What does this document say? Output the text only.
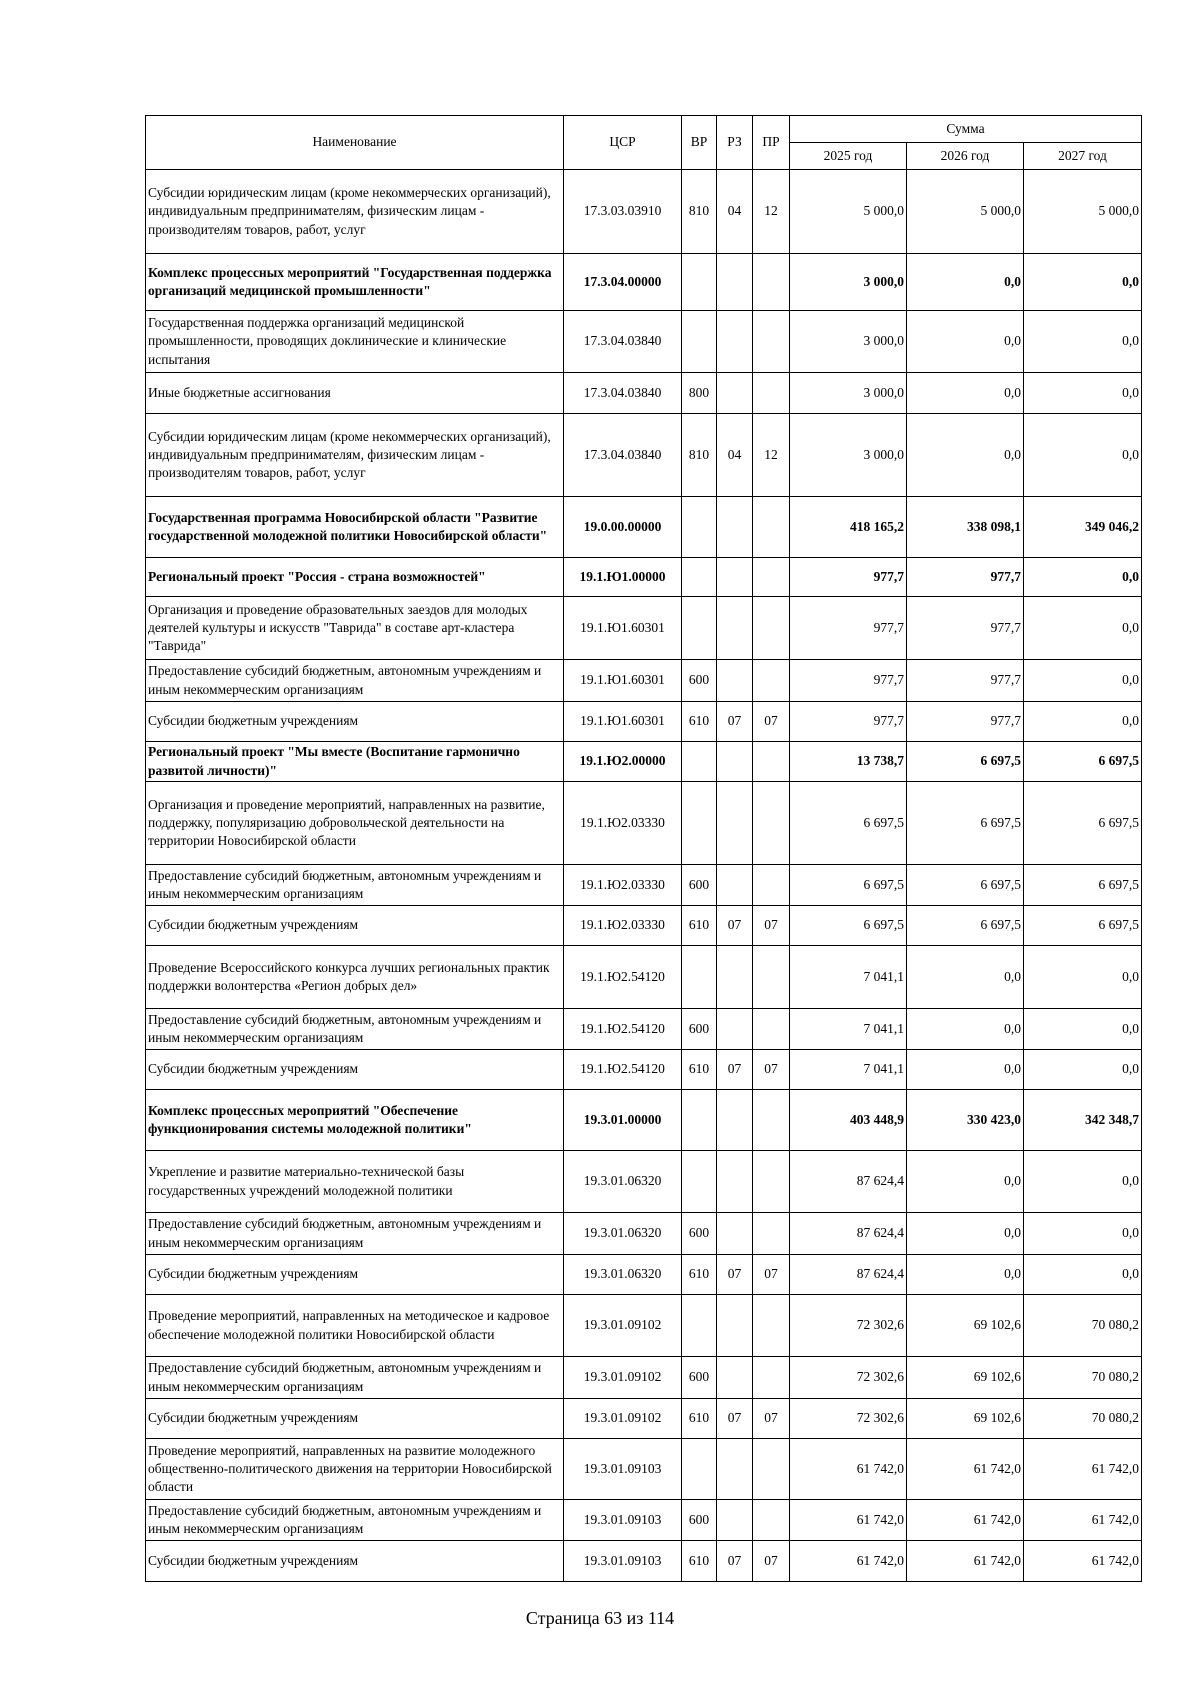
Наименование	ЦСР	ВР	РЗ	ПР	Сумма		
					2025 год	2026 год	2027 год
Субсидии юридическим лицам (кроме некоммерческих организаций), индивидуальным предпринимателям, физическим лицам - производителям товаров, работ, услуг	17.3.03.03910	810	04	12	5 000,0	5 000,0	5 000,0
Комплекс процессных мероприятий "Государственная поддержка организаций медицинской промышленности"	17.3.04.00000				3 000,0	0,0	0,0
Государственная поддержка организаций медицинской промышленности, проводящих доклинические и клинические испытания	17.3.04.03840				3 000,0	0,0	0,0
Иные бюджетные ассигнования	17.3.04.03840	800			3 000,0	0,0	0,0
Субсидии юридическим лицам (кроме некоммерческих организаций), индивидуальным предпринимателям, физическим лицам - производителям товаров, работ, услуг	17.3.04.03840	810	04	12	3 000,0	0,0	0,0
Государственная программа Новосибирской области "Развитие государственной молодежной политики Новосибирской области"	19.0.00.00000				418 165,2	338 098,1	349 046,2
Региональный проект "Россия - страна возможностей"	19.1.Ю1.00000				977,7	977,7	0,0
Организация и проведение образовательных заездов для молодых деятелей культуры и искусств "Таврида" в составе арт-кластера "Таврида"	19.1.Ю1.60301				977,7	977,7	0,0
Предоставление субсидий бюджетным, автономным учреждениям и иным некоммерческим организациям	19.1.Ю1.60301	600			977,7	977,7	0,0
Субсидии бюджетным учреждениям	19.1.Ю1.60301	610	07	07	977,7	977,7	0,0
Региональный проект "Мы вместе (Воспитание гармонично развитой личности)"	19.1.Ю2.00000				13 738,7	6 697,5	6 697,5
Организация и проведение мероприятий, направленных на развитие, поддержку, популяризацию добровольческой деятельности на территории Новосибирской области	19.1.Ю2.03330				6 697,5	6 697,5	6 697,5
Предоставление субсидий бюджетным, автономным учреждениям и иным некоммерческим организациям	19.1.Ю2.03330	600			6 697,5	6 697,5	6 697,5
Субсидии бюджетным учреждениям	19.1.Ю2.03330	610	07	07	6 697,5	6 697,5	6 697,5
Проведение Всероссийского конкурса лучших региональных практик поддержки волонтерства «Регион добрых дел»	19.1.Ю2.54120				7 041,1	0,0	0,0
Предоставление субсидий бюджетным, автономным учреждениям и иным некоммерческим организациям	19.1.Ю2.54120	600			7 041,1	0,0	0,0
Субсидии бюджетным учреждениям	19.1.Ю2.54120	610	07	07	7 041,1	0,0	0,0
Комплекс процессных мероприятий "Обеспечение функционирования системы молодежной политики"	19.3.01.00000				403 448,9	330 423,0	342 348,7
Укрепление и развитие материально-технической базы государственных учреждений молодежной политики	19.3.01.06320				87 624,4	0,0	0,0
Предоставление субсидий бюджетным, автономным учреждениям и иным некоммерческим организациям	19.3.01.06320	600			87 624,4	0,0	0,0
Субсидии бюджетным учреждениям	19.3.01.06320	610	07	07	87 624,4	0,0	0,0
Проведение мероприятий, направленных на методическое и кадровое обеспечение молодежной политики Новосибирской области	19.3.01.09102				72 302,6	69 102,6	70 080,2
Предоставление субсидий бюджетным, автономным учреждениям и иным некоммерческим организациям	19.3.01.09102	600			72 302,6	69 102,6	70 080,2
Субсидии бюджетным учреждениям	19.3.01.09102	610	07	07	72 302,6	69 102,6	70 080,2
Проведение мероприятий, направленных на развитие молодежного общественно-политического движения на территории Новосибирской области	19.3.01.09103				61 742,0	61 742,0	61 742,0
Предоставление субсидий бюджетным, автономным учреждениям и иным некоммерческим организациям	19.3.01.09103	600			61 742,0	61 742,0	61 742,0
Субсидии бюджетным учреждениям	19.3.01.09103	610	07	07	61 742,0	61 742,0	61 742,0
Страница 63 из 114
